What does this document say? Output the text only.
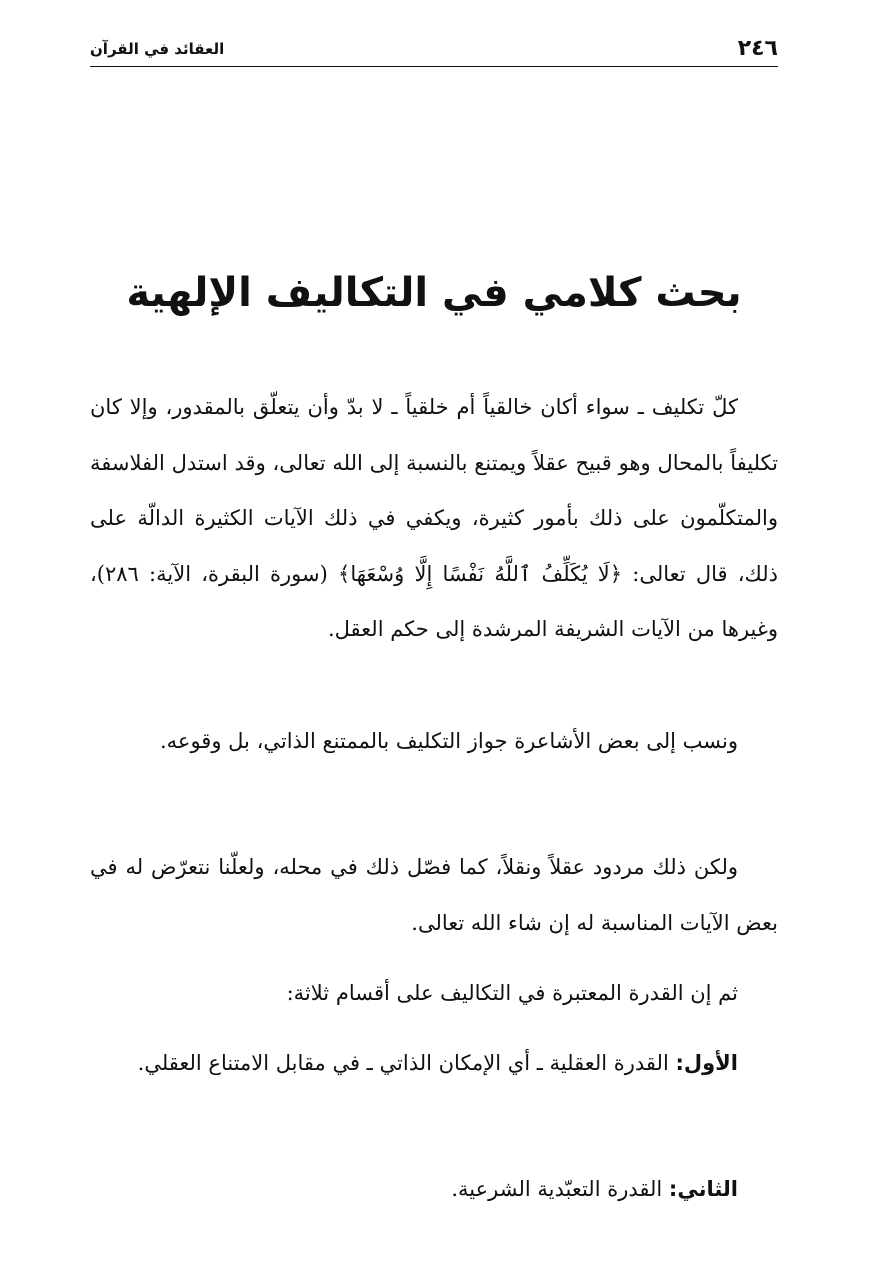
٢٤٦
العقائد في القرآن
بحث كلامي في التكاليف الإلهية

كلّ تكليف ـ سواء أكان خالقياً أم خلقياً ـ لا بدّ وأن يتعلّق بالمقدور، وإلا كان تكليفاً بالمحال وهو قبيح عقلاً ويمتنع بالنسبة إلى الله تعالى، وقد استدل الفلاسفة والمتكلّمون على ذلك بأمور كثيرة، ويكفي في ذلك الآيات الكثيرة الدالّة على ذلك، قال تعالى: ﴿لَا يُكَلِّفُ ٱللَّهُ نَفْسًا إِلَّا وُسْعَهَا﴾ (سورة البقرة، الآية: ٢٨٦)، وغيرها من الآيات الشريفة المرشدة إلى حكم العقل.

ونسب إلى بعض الأشاعرة جواز التكليف بالممتنع الذاتي، بل وقوعه.

ولكن ذلك مردود عقلاً ونقلاً، كما فصّل ذلك في محله، ولعلّنا نتعرّض له في بعض الآيات المناسبة له إن شاء الله تعالى.

ثم إن القدرة المعتبرة في التكاليف على أقسام ثلاثة:

الأول: القدرة العقلية ـ أي الإمكان الذاتي ـ في مقابل الامتناع العقلي.

الثاني: القدرة التعبّدية الشرعية.
